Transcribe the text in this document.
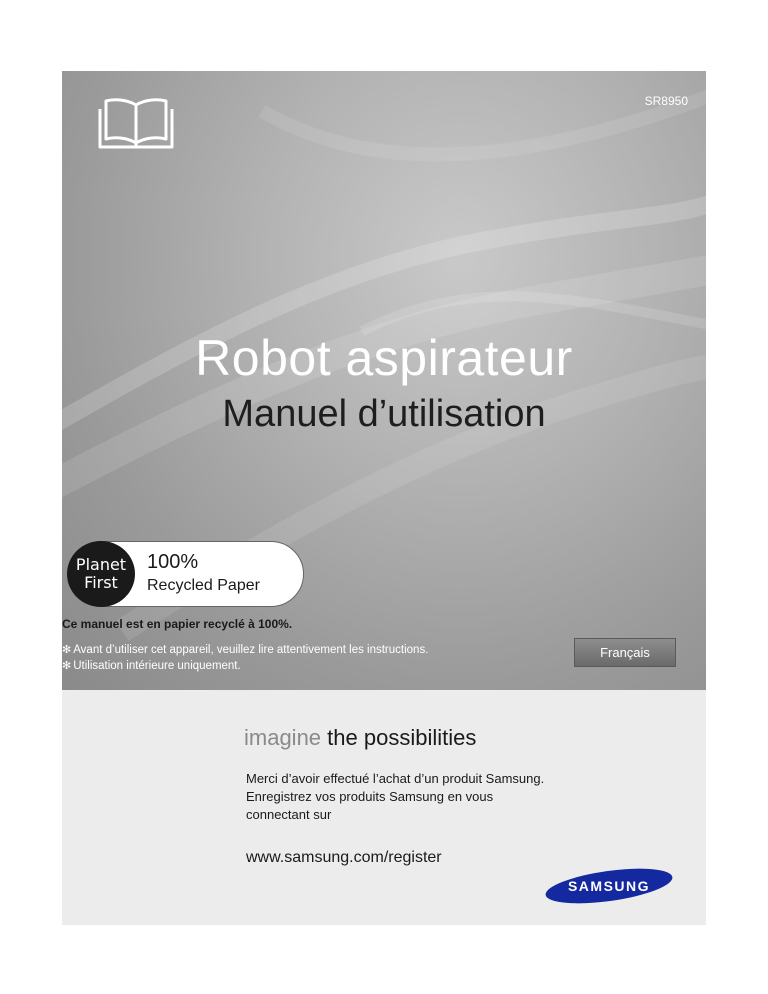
SR8950
Robot aspirateur
Manuel d’utilisation
Planet
First
100%
Recycled Paper
Ce manuel est en papier recyclé à 100%.
✻ Avant d’utiliser cet appareil, veuillez lire attentivement les instructions.
✻ Utilisation intérieure uniquement.
Français
imagine the possibilities
Merci d’avoir effectué l’achat d’un produit Samsung.
Enregistrez vos produits Samsung en vous connectant sur
www.samsung.com/register
SAMSUNG
